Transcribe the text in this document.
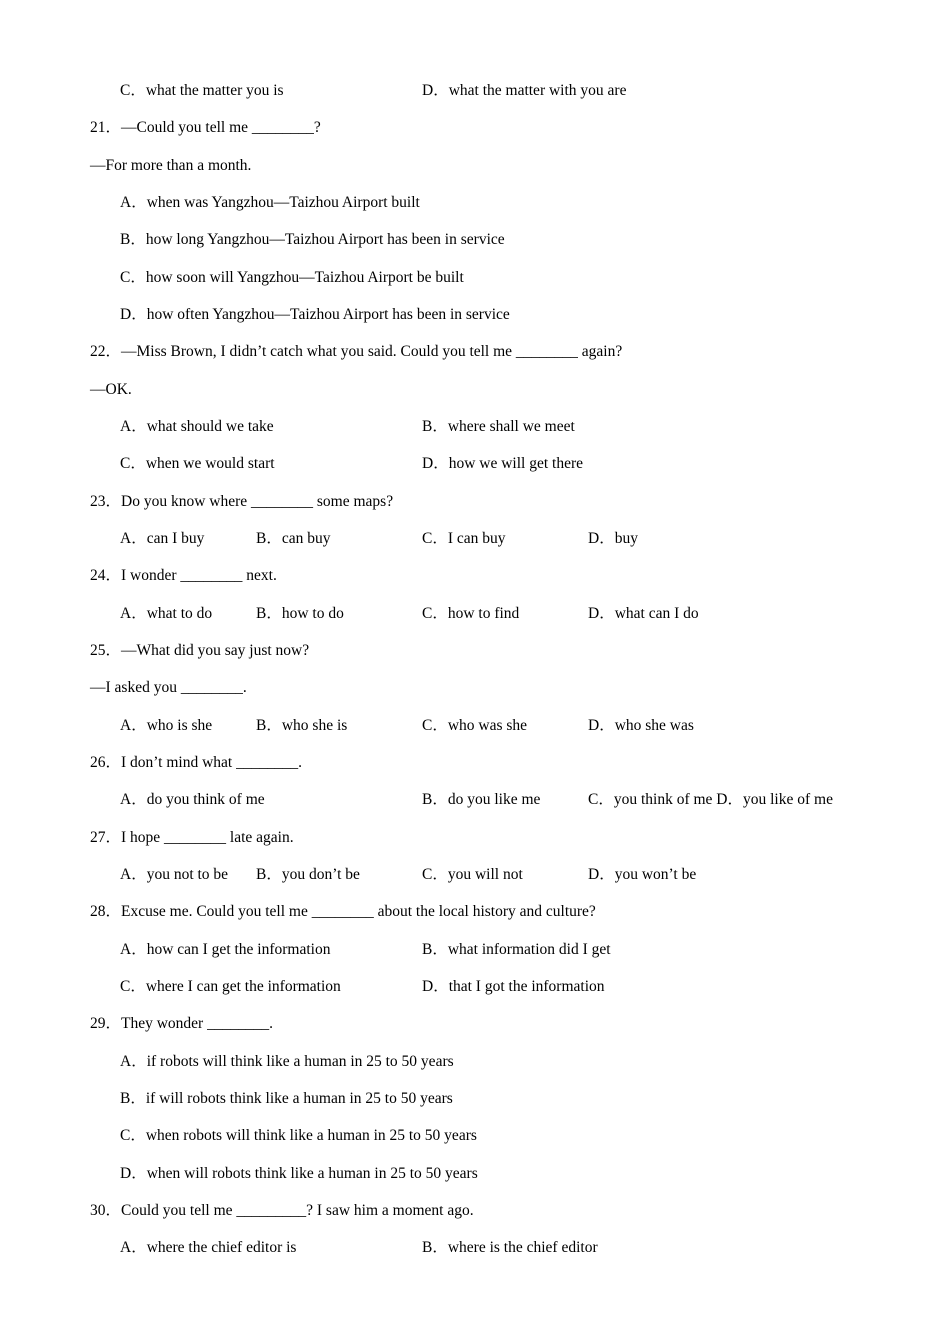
C．what the matter you is	D．what the matter with you are
21．—Could you tell me ________?
—For more than a month.
A．when was Yangzhou—Taizhou Airport built
B．how long Yangzhou—Taizhou Airport has been in service
C．how soon will Yangzhou—Taizhou Airport be built
D．how often Yangzhou—Taizhou Airport has been in service
22．—Miss Brown, I didn’t catch what you said. Could you tell me ________ again?
—OK.
A．what should we take	B．where shall we meet
C．when we would start	D．how we will get there
23．Do you know where ________ some maps?
A．can I buy	B．can buy	C．I can buy	D．buy
24．I wonder ________ next.
A．what to do	B．how to do	C．how to find	D．what can I do
25．—What did you say just now?
—I asked you ________.
A．who is she	B．who she is	C．who was she	D．who she was
26．I don’t mind what ________.
A．do you think of me	B．do you like me	C．you think of me D．you like of me
27．I hope ________ late again.
A．you not to be B．you don’t be	C．you will not	D．you won’t be
28．Excuse me. Could you tell me ________ about the local history and culture?
A．how can I get the information	B．what information did I get
C．where I can get the information	D．that I got the information
29．They wonder ________.
A．if robots will think like a human in 25 to 50 years
B．if will robots think like a human in 25 to 50 years
C．when robots will think like a human in 25 to 50 years
D．when will robots think like a human in 25 to 50 years
30．Could you tell me _________? I saw him a moment ago.
A．where the chief editor is	B．where is the chief editor
